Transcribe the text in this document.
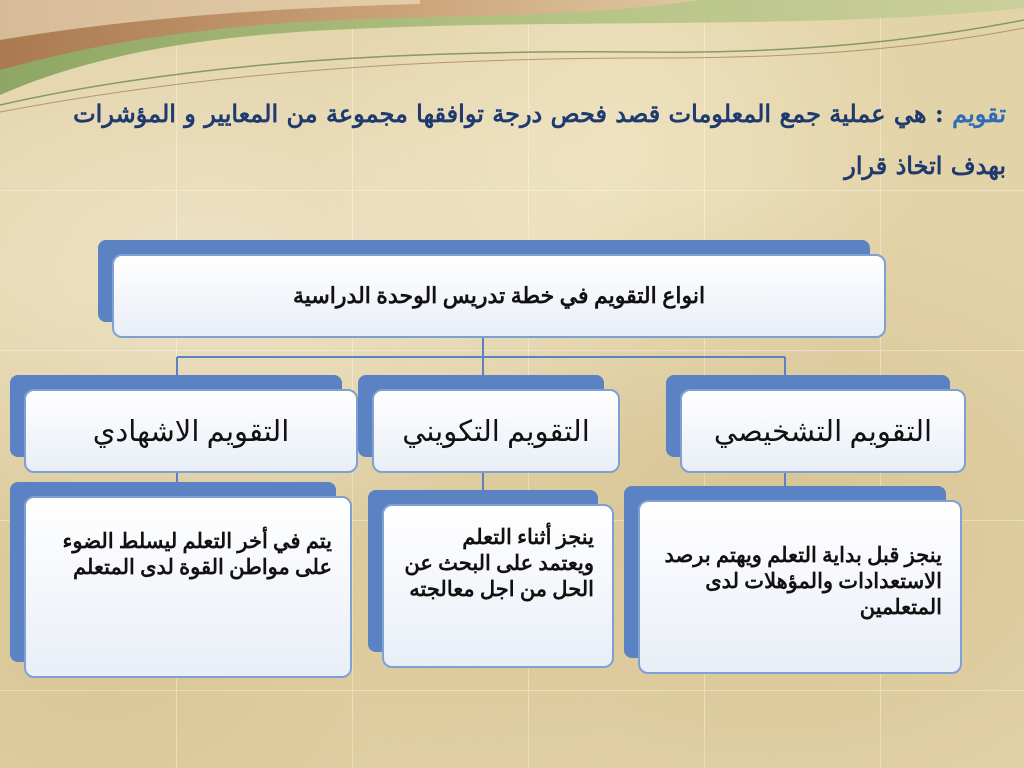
تقويم : هي عملية جمع المعلومات قصد فحص درجة توافقها مجموعة من المعايير و المؤشرات بهدف اتخاذ قرار
انواع التقويم في خطة تدريس الوحدة الدراسية
التقويم التشخيصي
التقويم التكويني
التقويم الاشهادي
ينجز قبل بداية التعلم ويهتم برصد الاستعدادات والمؤهلات لدى المتعلمين
ينجز أثناء التعلم ويعتمد على البحث عن الحل من اجل معالجته
يتم في أخر التعلم ليسلط الضوء على مواطن القوة لدى المتعلم
